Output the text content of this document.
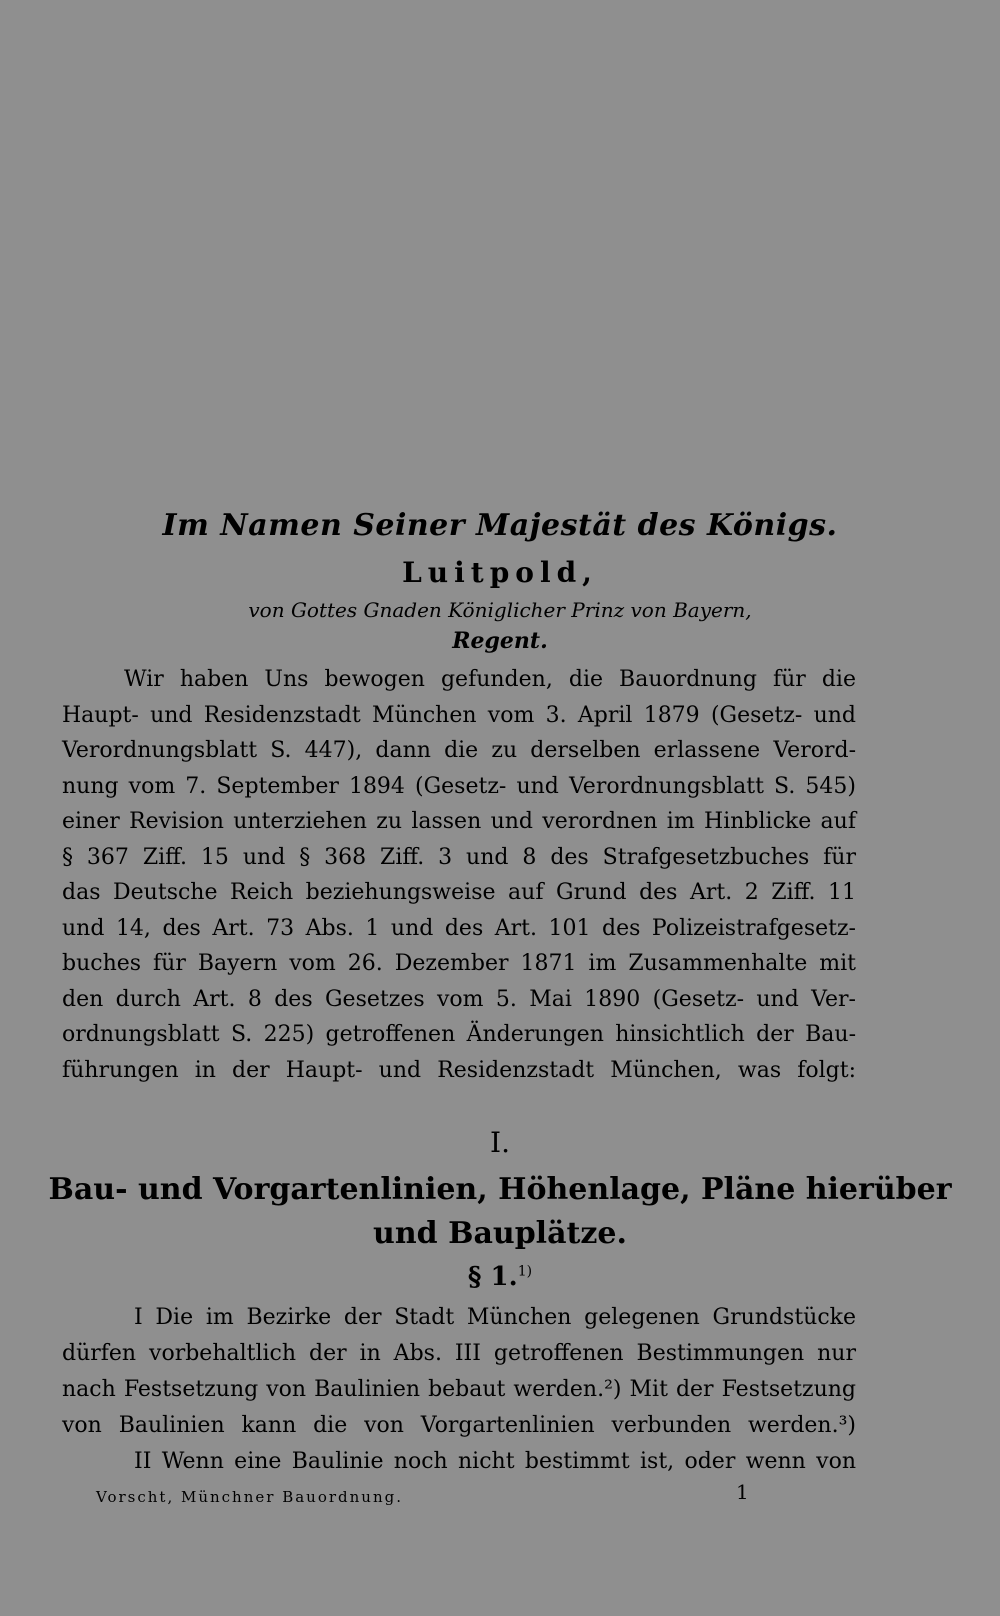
Im Namen Seiner Majestät des Königs.
Luitpold,
von Gottes Gnaden Königlicher Prinz von Bayern,
Regent.
Wir haben Uns bewogen gefunden, die Bauordnung für die
Haupt- und Residenzstadt München vom 3. April 1879 (Gesetz- und
Verordnungsblatt S. 447), dann die zu derselben erlassene Verord-
nung vom 7. September 1894 (Gesetz- und Verordnungsblatt S. 545)
einer Revision unterziehen zu lassen und verordnen im Hinblicke auf
§ 367 Ziff. 15 und § 368 Ziff. 3 und 8 des Strafgesetzbuches für
das Deutsche Reich beziehungsweise auf Grund des Art. 2 Ziff. 11
und 14, des Art. 73 Abs. 1 und des Art. 101 des Polizeistrafgesetz-
buches für Bayern vom 26. Dezember 1871 im Zusammenhalte mit
den durch Art. 8 des Gesetzes vom 5. Mai 1890 (Gesetz- und Ver-
ordnungsblatt S. 225) getroffenen Änderungen hinsichtlich der Bau-
führungen in der Haupt- und Residenzstadt München, was folgt:
I.
Bau- und Vorgartenlinien, Höhenlage, Pläne hierüber
und Bauplätze.
§ 1.$^{1)}$
I Die im Bezirke der Stadt München gelegenen Grundstücke
dürfen vorbehaltlich der in Abs. III getroffenen Bestimmungen nur
nach Festsetzung von Baulinien bebaut werden.²) Mit der Festsetzung
von Baulinien kann die von Vorgartenlinien verbunden werden.³)
II Wenn eine Baulinie noch nicht bestimmt ist, oder wenn von
Vorscht, Münchner Bauordnung.	1
